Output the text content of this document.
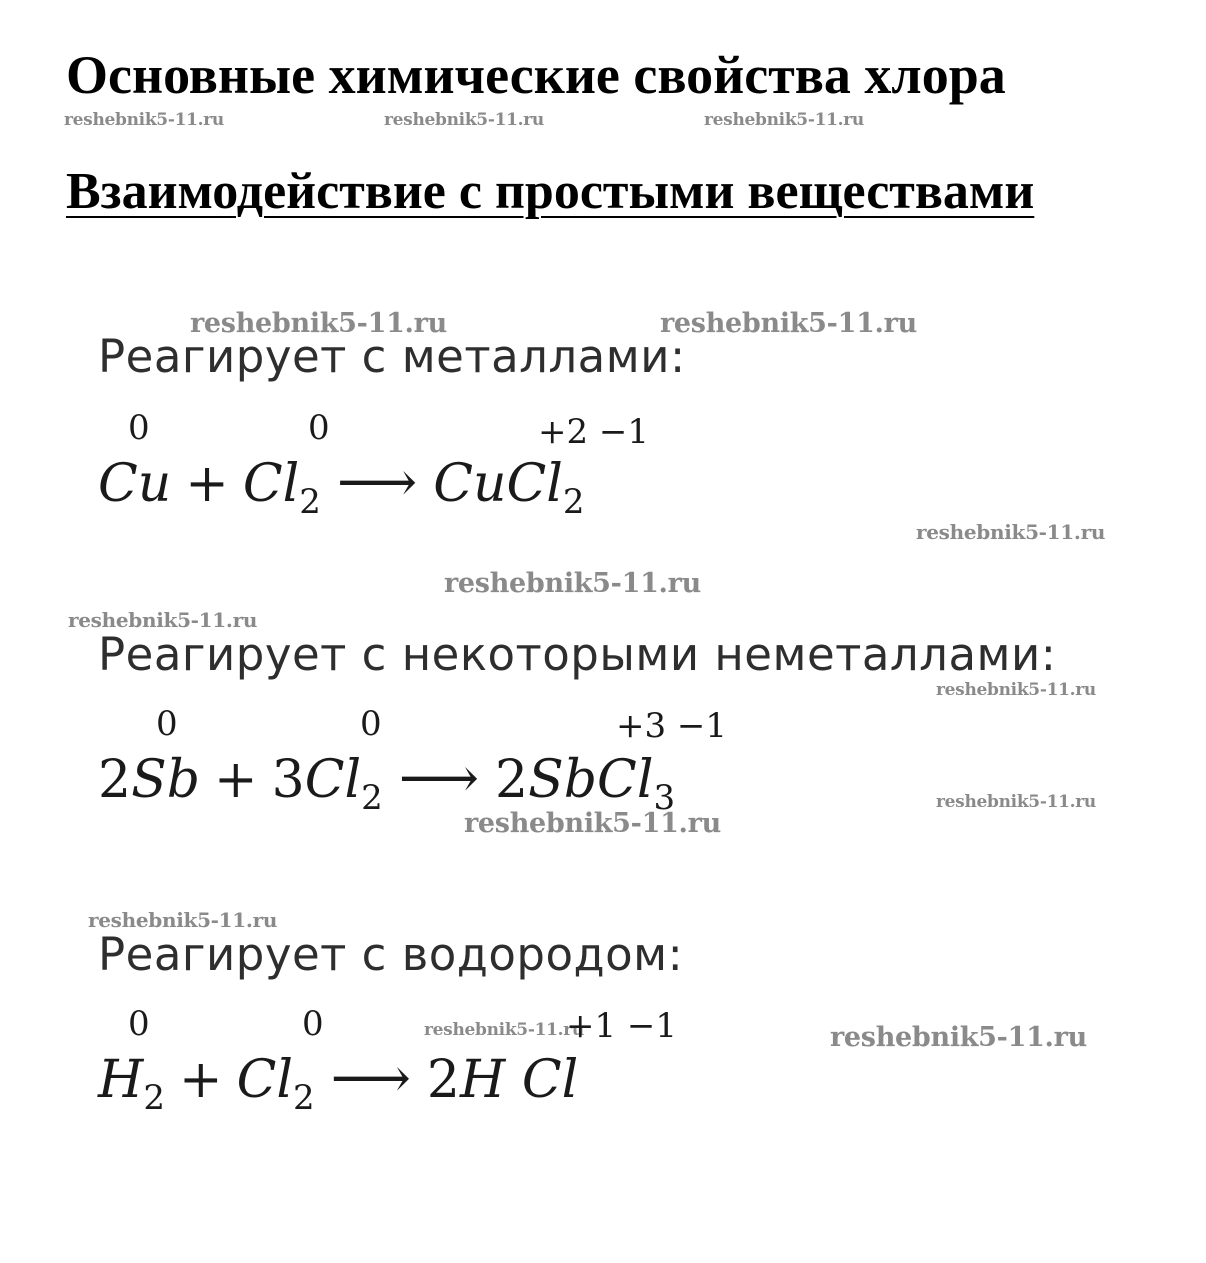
Основные химические свойства хлора
reshebnik5-11.ru	reshebnik5-11.ru	reshebnik5-11.ru
Взаимодействие с простыми веществами
reshebnik5-11.ru	reshebnik5-11.ru
Реагирует с металлами:
0	0	+2 −1
$Cu + Cl_2$ ⟶ CuCl$_2$
reshebnik5-11.ru
reshebnik5-11.ru
reshebnik5-11.ru
Реагирует с некоторыми неметаллами:
reshebnik5-11.ru
0	0	+3 −1
$2Sb + 3Cl_2$ ⟶ 2SbCl$_3$	reshebnik5-11.ru
reshebnik5-11.ru
reshebnik5-11.ru
Реагирует с водородом:
0	0	reshebnik5-11.ru
+1 −1	reshebnik5-11.ru
$H_2 + Cl_2$ ⟶ 2H Cl
